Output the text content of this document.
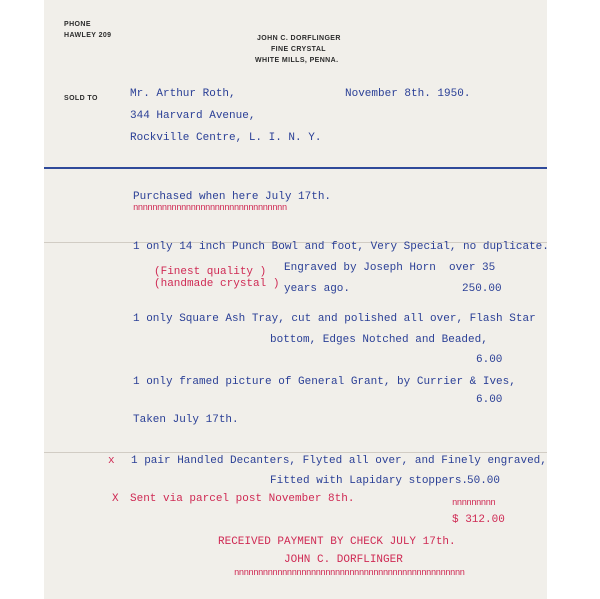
PHONE
HAWLEY 209	JOHN C. DORFLINGER
FINE CRYSTAL
WHITE MILLS, PENNA.
SOLD TO	Mr. Arthur Roth,
344 Harvard Avenue,
Rockville Centre, L. I. N. Y.
November 8th. 1950.
Purchased when here July 17th.
nnnnnnnnnnnnnnnnnnnnnnnnnnnnnnnn
1 only 14 inch Punch Bowl and foot, Very Special, no duplicate.
(Finest quality )
(handmade crystal )
Engraved by Joseph Horn  over 35
years ago.	250.00
1 only Square Ash Tray, cut and polished all over, Flash Star
bottom, Edges Notched and Beaded,
6.00
1 only framed picture of General Grant, by Currier & Ives,
6.00
Taken July 17th.
x 1 pair Handled Decanters, Flyted all over, and Finely engraved,
Fitted with Lapidary stoppers.
50.00
X Sent via parcel post November 8th.	nnnnnnnnn
$ 312.00
RECEIVED PAYMENT BY CHECK JULY 17th.
JOHN C. DORFLINGER
nnnnnnnnnnnnnnnnnnnnnnnnnnnnnnnnnnnnnnnnnnnnnnnn
